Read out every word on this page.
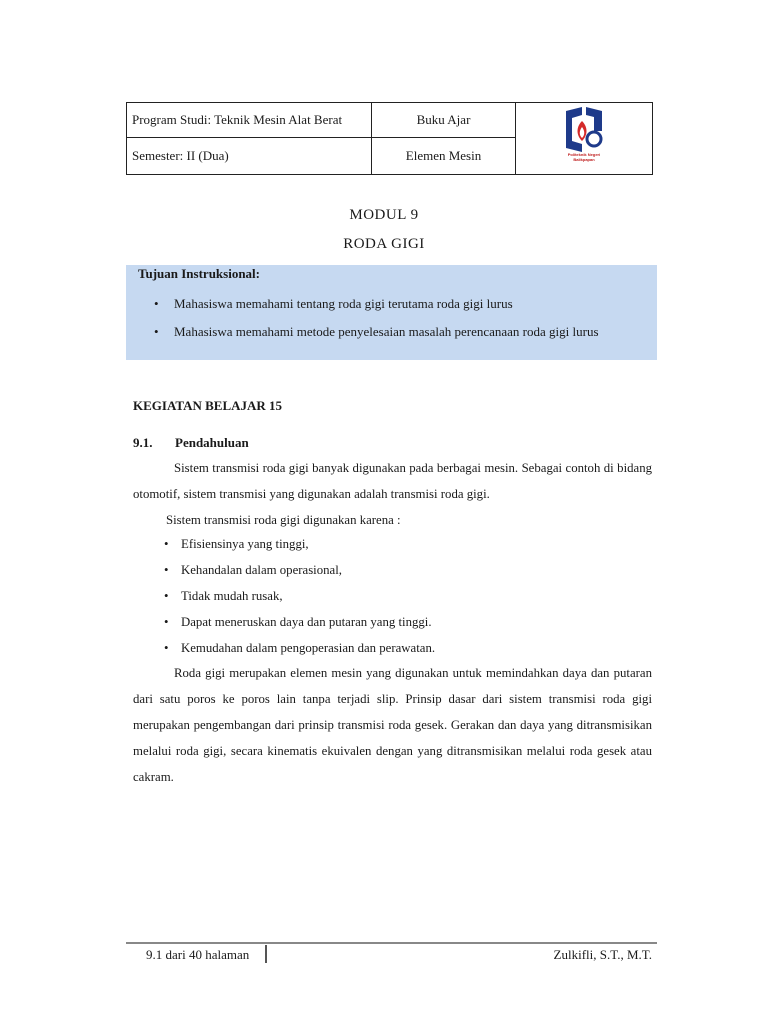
Program Studi: Teknik Mesin Alat Berat	Buku Ajar	Politeknik Negeri
Balikpapan

Semester: II (Dua)	Elemen Mesin	
MODUL 9
RODA GIGI
Tujuan Instruksional:
• Mahasiswa memahami tentang roda gigi terutama roda gigi lurus
• Mahasiswa memahami metode penyelesaian masalah perencanaan roda gigi lurus
KEGIATAN BELAJAR 15
9.1. Pendahuluan
Sistem transmisi roda gigi banyak digunakan pada berbagai mesin. Sebagai contoh di bidang otomotif, sistem transmisi yang digunakan adalah transmisi roda gigi.
Sistem transmisi roda gigi digunakan karena :
• Efisiensinya yang tinggi,
• Kehandalan dalam operasional,
• Tidak mudah rusak,
• Dapat meneruskan daya dan putaran yang tinggi.
• Kemudahan dalam pengoperasian dan perawatan.
Roda gigi merupakan elemen mesin yang digunakan untuk memindahkan daya dan putaran dari satu poros ke poros lain tanpa terjadi slip. Prinsip dasar dari sistem transmisi roda gigi merupakan pengembangan dari prinsip transmisi roda gesek. Gerakan dan daya yang ditransmisikan melalui roda gigi, secara kinematis ekuivalen dengan yang ditransmisikan melalui roda gesek atau cakram.
9.1 dari 40 halaman	Zulkifli, S.T., M.T.
